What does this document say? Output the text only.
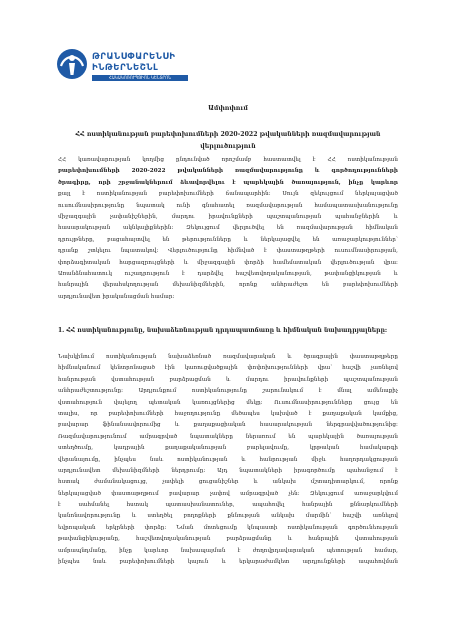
ԹՐԱՆՍՓԱՐԵՆՍԻ
ԻՆԹԵՐՆԵՇՆԼ
ՀԱԿԱԿՈՌՈՒՊՑԻՈՆ ԿԵՆՏՐՈՆ
Ամփոփում
ՀՀ ոստիկանության բարեփոխումների 2020-2022 թվականների ռազմավարության
վերլուծություն
ՀՀ կառավարության կողմից ընդունված որոշմամբ հաստատվել է ՀՀ ոստիկանության
բարեփոխումների 2020-2022 թվականների ռազմավարությունը և գործողությունների
ծրագիրը, որի շրջանակներում ձևավորվելու է պարեկային ծառայություն, ինչը կարևոր
քայլ է ոստիկանության բարեփոխումների ճանապարհին: Սույն զեկույցում ներկայացված
ուսումնասիրությունը նպատակ ունի գնահատել ռազմավարության համապատասխանությունը
միջազգային չափանիշներին, մարդու իրավունքների պաշտպանության պահանջներին և
հասարակության ակնկալիքներին: Զեկույցում վերլուծվել են ռազմավարության հիմնական
դրույթները, բացահայտվել են թերությունները և ներկայացվել են առաջարկություններ՝
դրանք շտկելու նպատակով: Վերլուծությունը հիմնված է փաստաթղթերի ուսումնասիրության,
փորձագիտական հարցազրույցների և միջազգային փորձի համեմատական վերլուծության վրա:
Առանձնահատուկ ուշադրություն է դարձվել հաշվետվողականության, թափանցիկության և
հանրային վերահսկողության մեխանիզմներին, որոնք անհրաժեշտ են բարեփոխումների
արդյունավետ իրականացման համար:
1. ՀՀ ոստիկանությունը, նախաձեռնության դրդապատճառը և հիմնական նախադրյալները:
Նախկինում ոստիկանության նախաձեռնած ռազմավարական և ծրագրային փաստաթղթերը
հիմնականում կենտրոնացած էին կառուցվածքային փոփոխությունների վրա՝ հաշվի չառնելով
հանրության վստահության բարձրացման և մարդու իրավունքների պաշտպանության
անհրաժեշտությունը: Արդյունքում ոստիկանությունը շարունակում է մնալ ամենաքիչ
վստահություն վայելող պետական կառույցներից մեկը: Ուսումնասիրությունները ցույց են
տալիս, որ բարեփոխումների հաջողությունը մեծապես կախված է քաղաքական կամքից,
բավարար ֆինանսավորումից և քաղաքացիական հասարակության ներգրավվածությունից:
Ռազմավարությունում ամրագրված նպատակները ներառում են պարեկային ծառայության
ստեղծումը, կադրային քաղաքականության բարելավումը, կրթական համակարգի
վերանայումը, ինչպես նաև ոստիկանության և հանրության միջև հաղորդակցության
արդյունավետ մեխանիզմների ներդրումը: Այդ նպատակների իրագործումը պահանջում է
հստակ ժամանակացույց, չափելի ցուցանիշներ և անկախ մշտադիտարկում, որոնք
ներկայացված փաստաթղթում բավարար չափով ամրագրված չեն: Զեկույցում առաջարկվում
է սահմանել հստակ պատասխանատուներ, ապահովել հանրային քննարկումների
կանոնավորությունը և ստեղծել բողոքների քննության անկախ մարմին՝ հաշվի առնելով
եվրոպական երկրների փորձը: Նման մոտեցումը կնպաստի ոստիկանության գործունեության
թափանցիկությանը, հաշվետվողականության բարձրացմանը և հանրային վստահության
ամրապնդմանը, ինչը կարևոր նախապայման է ժողովրդավարական պետության համար,
ինչպես նաև բարեփոխումների կայուն և երկարաժամկետ արդյունքների ապահովման
